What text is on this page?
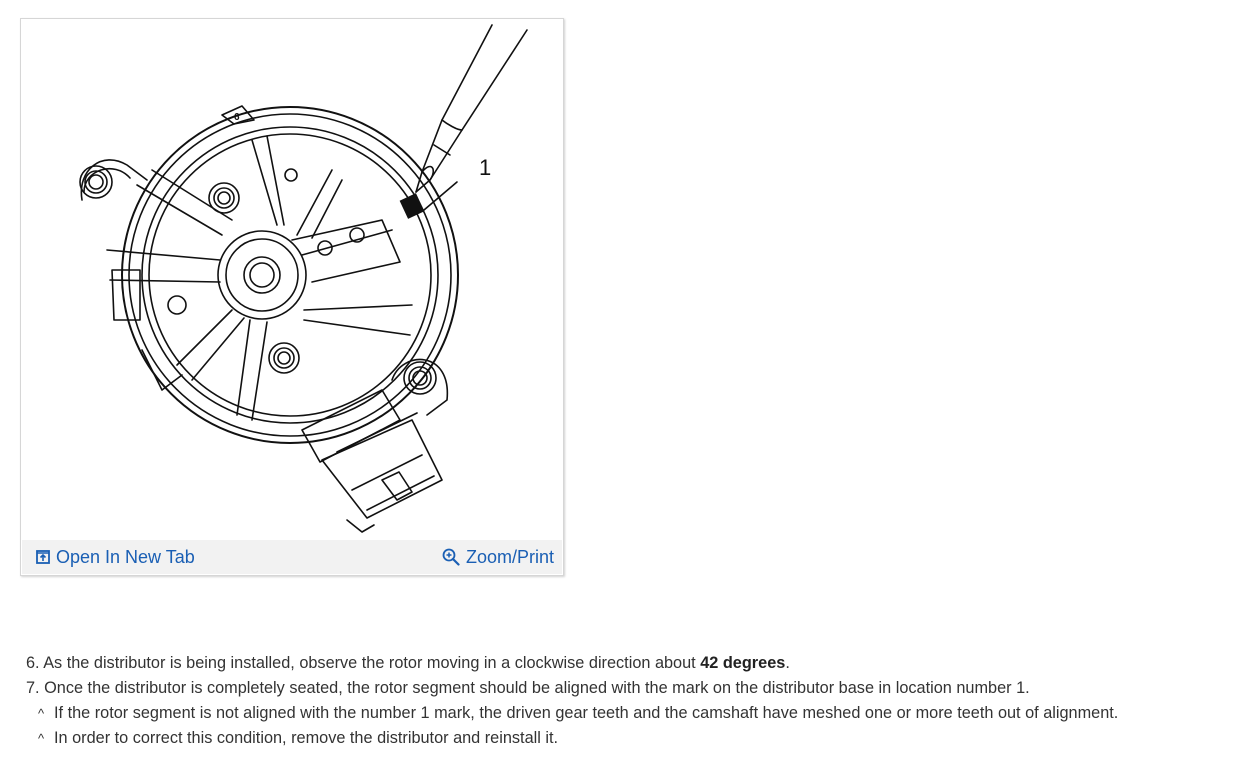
6
1
Open In New Tab	Zoom/Print
6. As the distributor is being installed, observe the rotor moving in a clockwise direction about 42 degrees.
7. Once the distributor is completely seated, the rotor segment should be aligned with the mark on the distributor base in location number 1.
^ If the rotor segment is not aligned with the number 1 mark, the driven gear teeth and the camshaft have meshed one or more teeth out of alignment.
^ In order to correct this condition, remove the distributor and reinstall it.
